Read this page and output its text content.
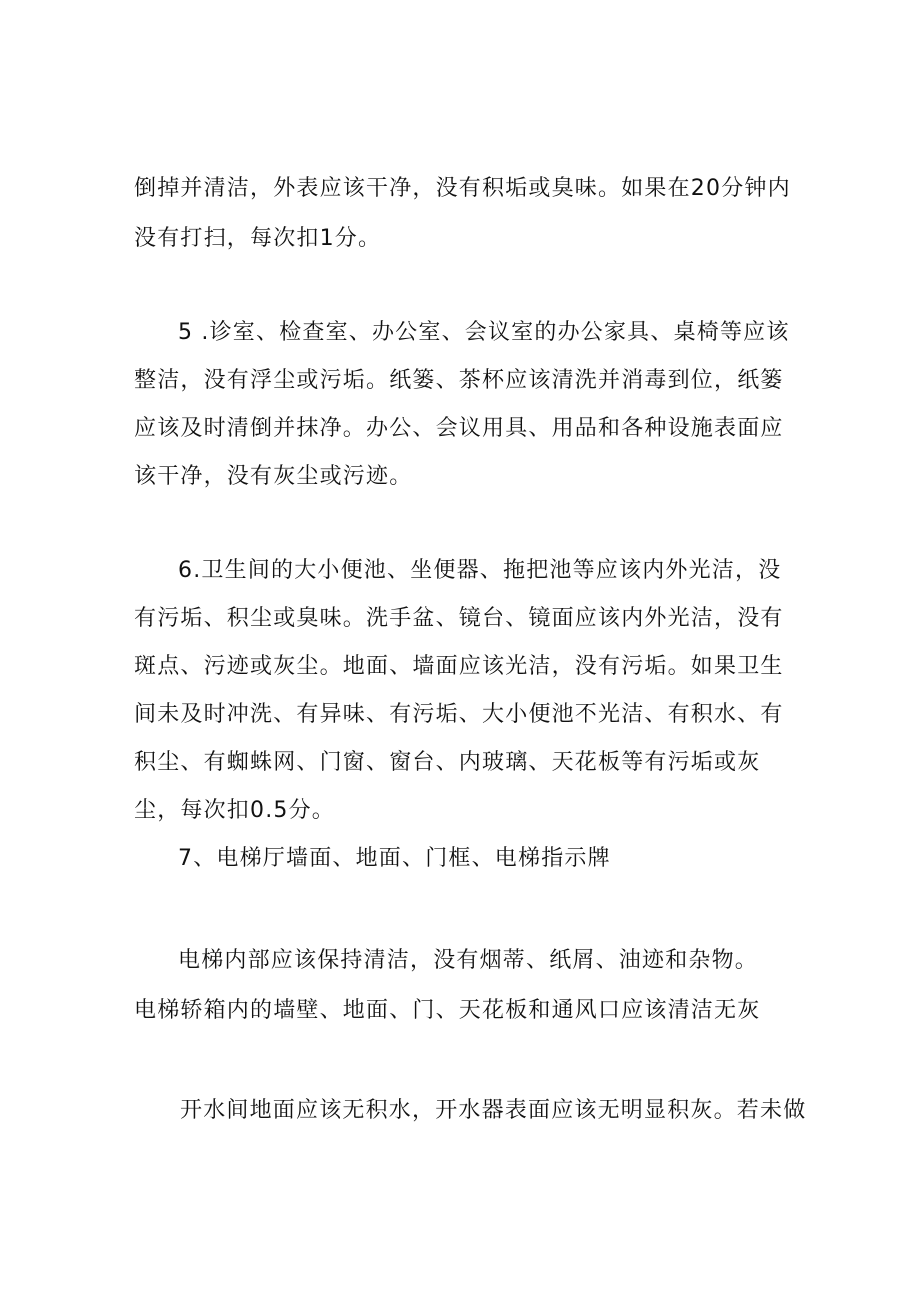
倒掉并清洁，外表应该干净，没有积垢或臭味。如果在20分钟内
没有打扫，每次扣1分。
5 .诊室、检查室、办公室、会议室的办公家具、桌椅等应该
整洁，没有浮尘或污垢。纸篓、茶杯应该清洗并消毒到位，纸篓
应该及时清倒并抹净。办公、会议用具、用品和各种设施表面应
该干净，没有灰尘或污迹。
6.卫生间的大小便池、坐便器、拖把池等应该内外光洁，没
有污垢、积尘或臭味。洗手盆、镜台、镜面应该内外光洁，没有
斑点、污迹或灰尘。地面、墙面应该光洁，没有污垢。如果卫生
间未及时冲洗、有异味、有污垢、大小便池不光洁、有积水、有
积尘、有蜘蛛网、门窗、窗台、内玻璃、天花板等有污垢或灰
尘，每次扣0.5分。
7、电梯厅墙面、地面、门框、电梯指示牌
电梯内部应该保持清洁，没有烟蒂、纸屑、油迹和杂物。
电梯轿箱内的墙壁、地面、门、天花板和通风口应该清洁无灰
开水间地面应该无积水，开水器表面应该无明显积灰。若未做
